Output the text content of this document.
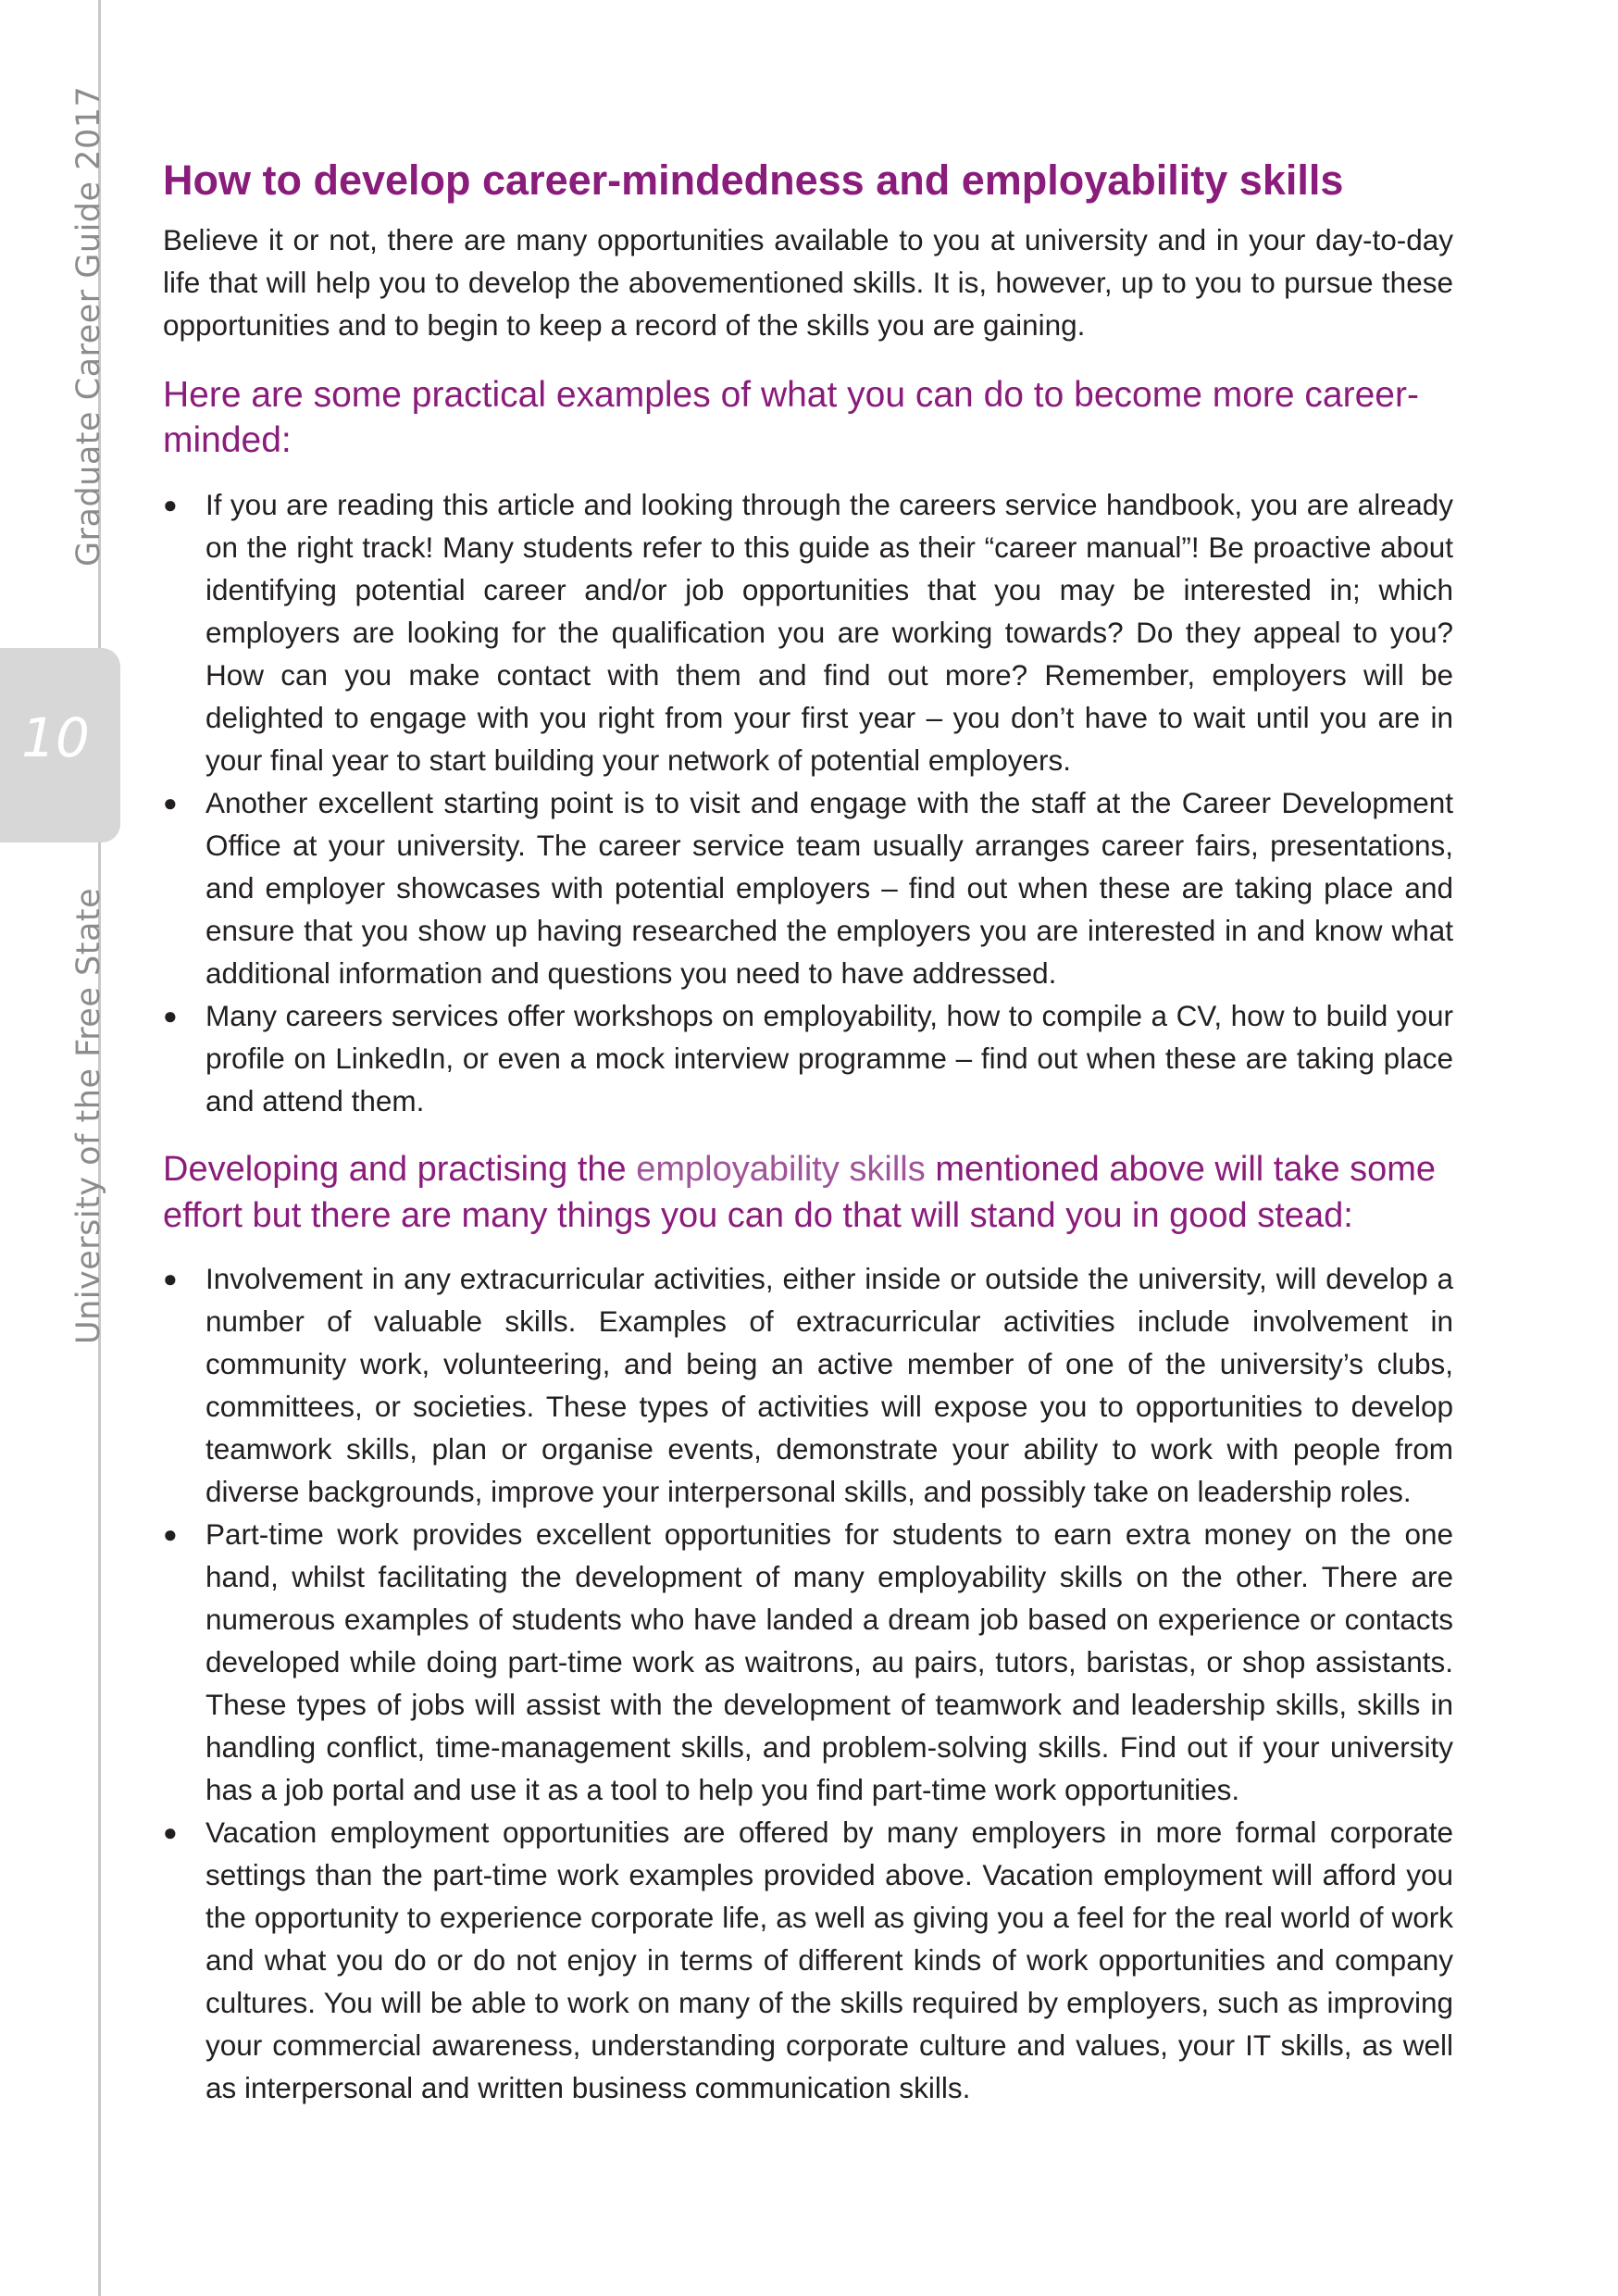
Graduate Career Guide 2017
10
University of the Free State
How to develop career-mindedness and employability skills

Believe it or not, there are many opportunities available to you at university and in your day-to-day life that will help you to develop the abovementioned skills. It is, however, up to you to pursue these opportunities and to begin to keep a record of the skills you are gaining.

Here are some practical examples of what you can do to become more career-minded:
● If you are reading this article and looking through the careers service handbook, you are already on the right track! Many students refer to this guide as their “career manual”! Be proactive about identifying potential career and/or job opportunities that you may be interested in; which employers are looking for the qualification you are working towards? Do they appeal to you? How can you make contact with them and find out more? Remember, employers will be delighted to engage with you right from your first year – you don’t have to wait until you are in your final year to start building your network of potential employers.
● Another excellent starting point is to visit and engage with the staff at the Career Development Office at your university. The career service team usually arranges career fairs, presentations, and employer showcases with potential employers – find out when these are taking place and ensure that you show up having researched the employers you are interested in and know what additional information and questions you need to have addressed.
● Many careers services offer workshops on employability, how to compile a CV, how to build your profile on LinkedIn, or even a mock interview programme – find out when these are taking place and attend them.
Developing and practising the employability skills mentioned above will take some effort but there are many things you can do that will stand you in good stead:
● Involvement in any extracurricular activities, either inside or outside the university, will develop a number of valuable skills. Examples of extracurricular activities include involvement in community work, volunteering, and being an active member of one of the university’s clubs, committees, or societies. These types of activities will expose you to opportunities to develop teamwork skills, plan or organise events, demonstrate your ability to work with people from diverse backgrounds, improve your interpersonal skills, and possibly take on leadership roles.
● Part-time work provides excellent opportunities for students to earn extra money on the one hand, whilst facilitating the development of many employability skills on the other. There are numerous examples of students who have landed a dream job based on experience or contacts developed while doing part-time work as waitrons, au pairs, tutors, baristas, or shop assistants. These types of jobs will assist with the development of teamwork and leadership skills, skills in handling conflict, time-management skills, and problem-solving skills. Find out if your university has a job portal and use it as a tool to help you find part-time work opportunities.
● Vacation employment opportunities are offered by many employers in more formal corporate settings than the part-time work examples provided above. Vacation employment will afford you the opportunity to experience corporate life, as well as giving you a feel for the real world of work and what you do or do not enjoy in terms of different kinds of work opportunities and company cultures. You will be able to work on many of the skills required by employers, such as improving your commercial awareness, understanding corporate culture and values, your IT skills, as well as interpersonal and written business communication skills.
